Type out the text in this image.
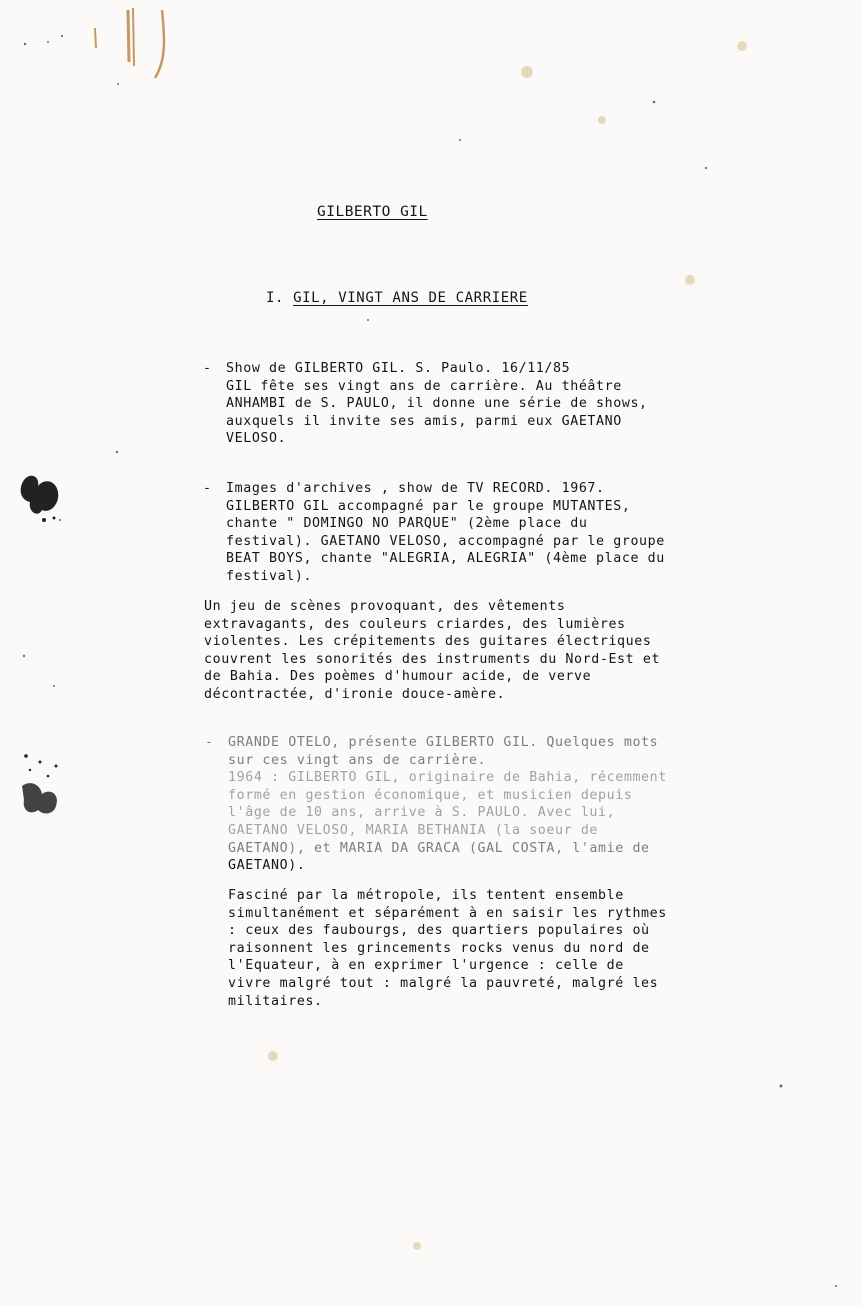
GILBERTO GIL
I. GIL, VINGT ANS DE CARRIERE
- Show de GILBERTO GIL. S. Paulo. 16/11/85
GIL fête ses vingt ans de carrière. Au théâtre
ANHAMBI de S. PAULO, il donne une série de shows,
auxquels il invite ses amis, parmi eux GAETANO
VELOSO.
- Images d'archives , show de TV RECORD. 1967.
GILBERTO GIL accompagné par le groupe MUTANTES,
chante " DOMINGO NO PARQUE" (2ème place du
festival). GAETANO VELOSO, accompagné par le groupe
BEAT BOYS, chante "ALEGRIA, ALEGRIA" (4ème place du
festival).
Un jeu de scènes provoquant, des vêtements
extravagants, des couleurs criardes, des lumières
violentes. Les crépitements des guitares électriques
couvrent les sonorités des instruments du Nord-Est et
de Bahia. Des poèmes d'humour acide, de verve
décontractée, d'ironie douce-amère.
- GRANDE OTELO, présente GILBERTO GIL. Quelques mots
sur ces vingt ans de carrière.
1964 : GILBERTO GIL, originaire de Bahia, récemment
formé en gestion économique, et musicien depuis
l'âge de 10 ans, arrive à S. PAULO. Avec lui,
GAETANO VELOSO, MARIA BETHANIA (la soeur de
GAETANO), et MARIA DA GRACA (GAL COSTA, l'amie de
GAETANO).
Fasciné par la métropole, ils tentent ensemble
simultanément et séparément à en saisir les rythmes
: ceux des faubourgs, des quartiers populaires où
raisonnent les grincements rocks venus du nord de
l'Equateur, à en exprimer l'urgence : celle de
vivre malgré tout : malgré la pauvreté, malgré les
militaires.
